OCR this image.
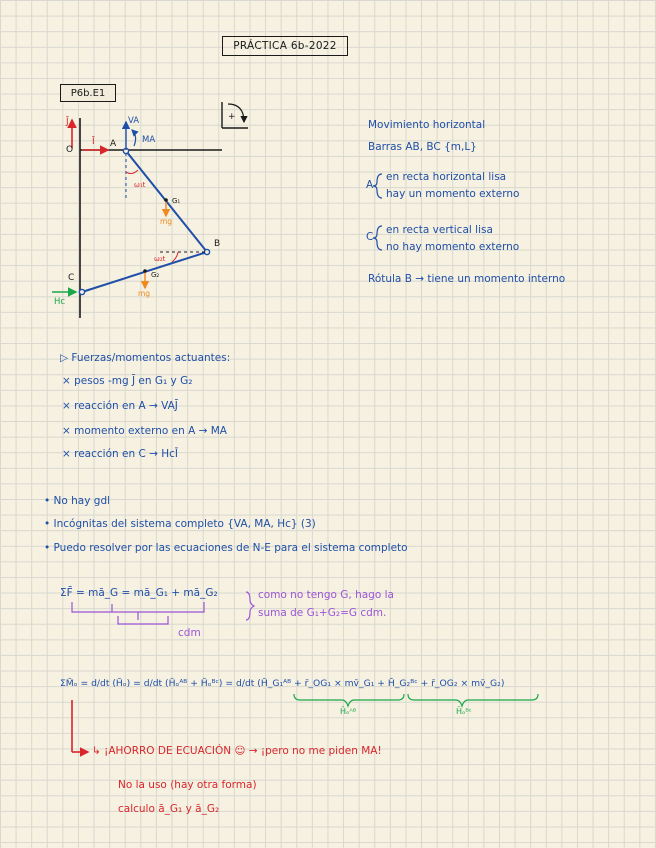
PRÁCTICA 6b-2022
P6b.E1
J̄
O
Ī
VA
MA
A
B
C
ω₁t
ω₂t
G₁
G₂
mg
mg
Hc
+
Movimiento horizontal
Barras AB, BC {m,L}
A
en recta horizontal lisa
hay un momento externo
C
en recta vertical lisa
no hay momento externo
Rótula B → tiene un momento interno
▷ Fuerzas/momentos actuantes:
× pesos -mg J̄ en G₁ y G₂
× reacción en A → VAJ̄
× momento externo en A → MA
× reacción en C → HcĪ
• No hay gdl
• Incógnitas del sistema completo {VA, MA, Hc} (3)
• Puedo resolver por las ecuaciones de N-E para el sistema completo
ΣF̄ = mā_G = mā_G₁ + mā_G₂	como no tengo G, hago la
suma de G₁+G₂=G cdm.
cdm
ΣM̄ₒ = d/dt (H̄ₒ) = d/dt (H̄ₒᴬᴮ + H̄ₒᴮᶜ) = d/dt (H̄_G₁ᴬᴮ + r̄_OG₁ × mv̄_G₁ + H̄_G₂ᴮᶜ + r̄_OG₂ × mv̄_G₂)
H̄ₒᴬᴮ	H̄ₒᴮᶜ
↳ ¡AHORRO DE ECUACIÓN ☺ → ¡pero no me piden MA!
No la uso (hay otra forma)
calculo ā_G₁ y ā_G₂
